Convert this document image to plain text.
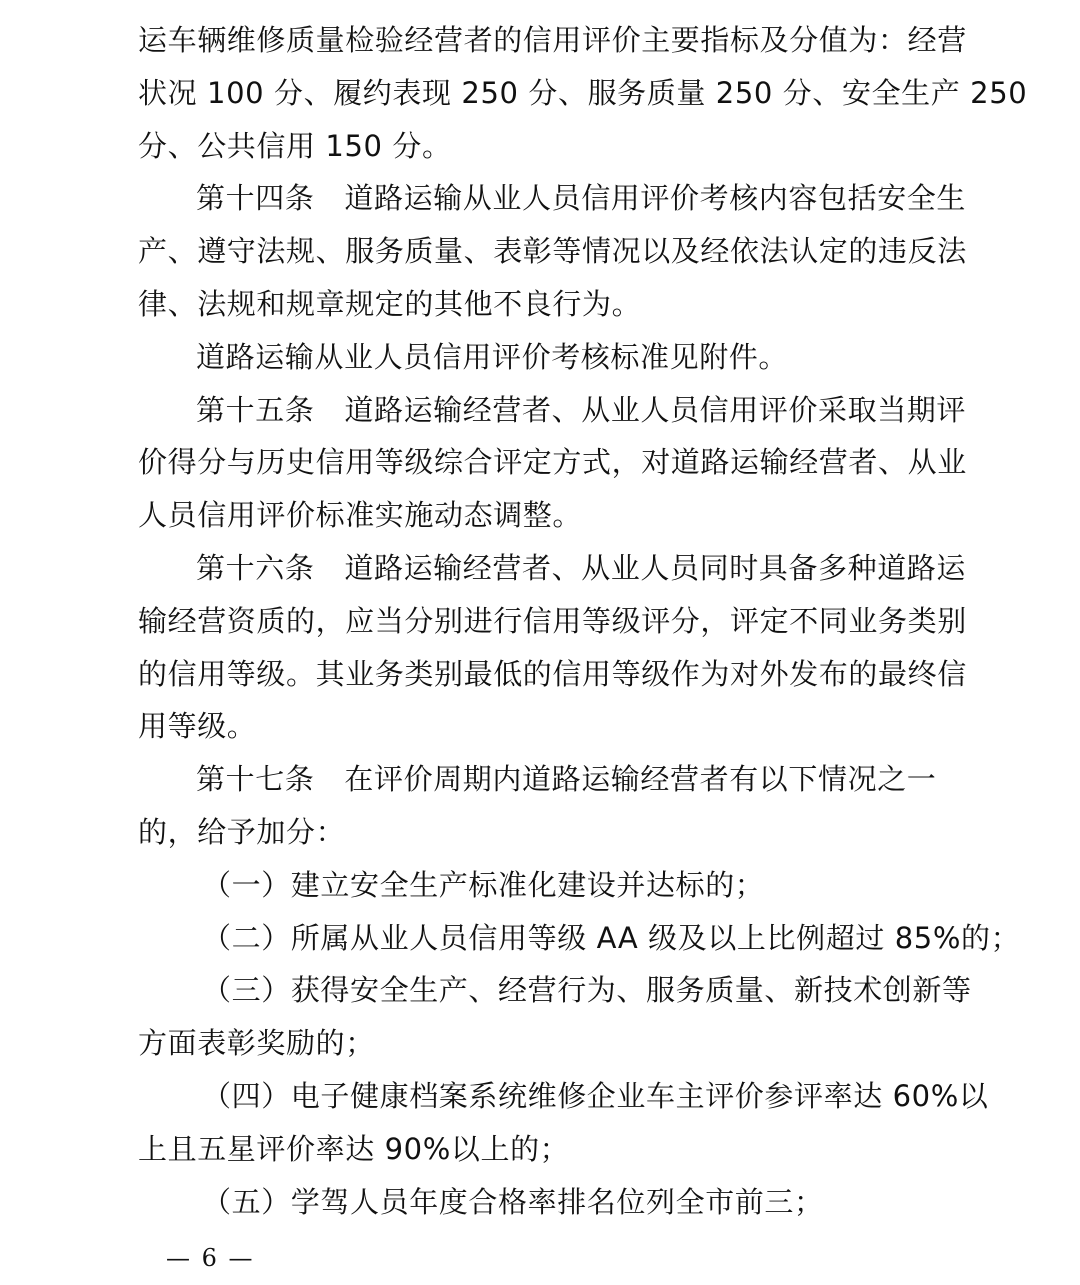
运车辆维修质量检验经营者的信用评价主要指标及分值为：经营
状况 100 分、履约表现 250 分、服务质量 250 分、安全生产 250
分、公共信用 150 分。
第十四条 道路运输从业人员信用评价考核内容包括安全生
产、遵守法规、服务质量、表彰等情况以及经依法认定的违反法
律、法规和规章规定的其他不良行为。
道路运输从业人员信用评价考核标准见附件。
第十五条 道路运输经营者、从业人员信用评价采取当期评
价得分与历史信用等级综合评定方式，对道路运输经营者、从业
人员信用评价标准实施动态调整。
第十六条 道路运输经营者、从业人员同时具备多种道路运
输经营资质的，应当分别进行信用等级评分，评定不同业务类别
的信用等级。其业务类别最低的信用等级作为对外发布的最终信
用等级。
第十七条 在评价周期内道路运输经营者有以下情况之一
的，给予加分：
（一）建立安全生产标准化建设并达标的；
（二）所属从业人员信用等级 AA 级及以上比例超过 85%的；
（三）获得安全生产、经营行为、服务质量、新技术创新等
方面表彰奖励的；
（四）电子健康档案系统维修企业车主评价参评率达 60%以
上且五星评价率达 90%以上的；
（五）学驾人员年度合格率排名位列全市前三；
— 6 —
